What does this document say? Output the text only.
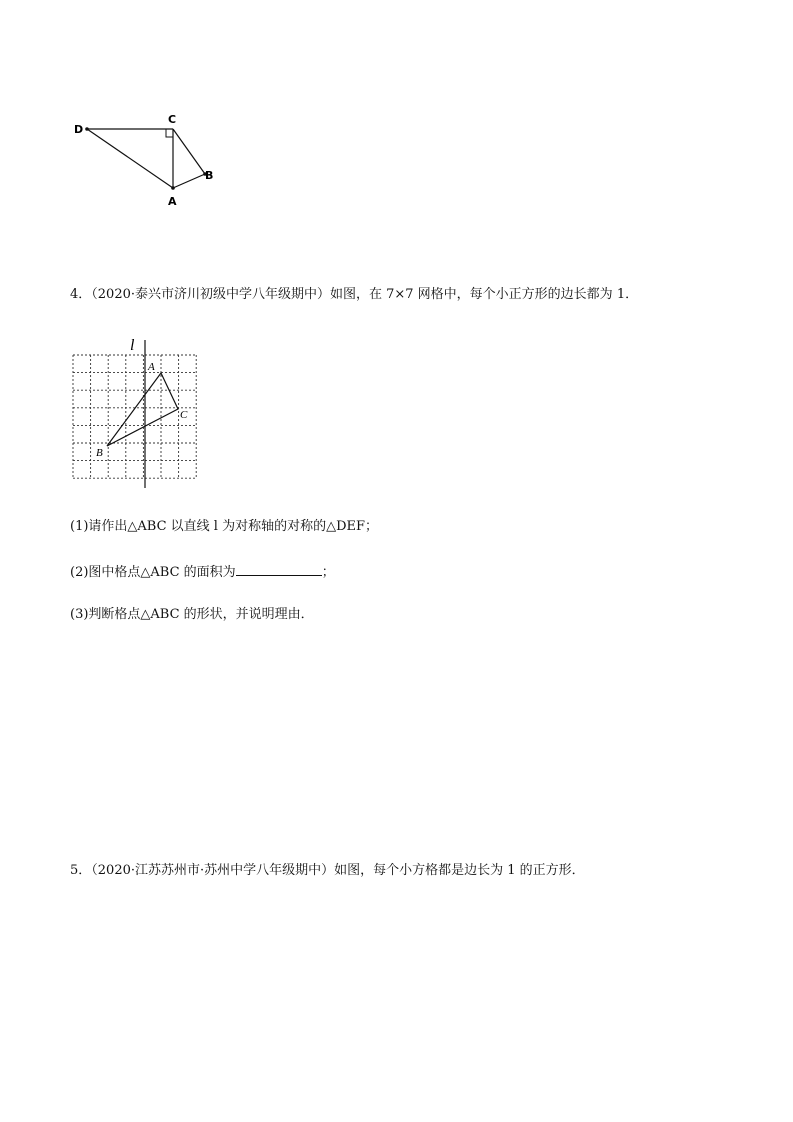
D
C
B
A
4．（2020·泰兴市济川初级中学八年级期中）如图，在 7×7 网格中，每个小正方形的边长都为 1．
l
A
B
C
(1)请作出△ABC 以直线 l 为对称轴的对称的△DEF；
(2)图中格点△ABC 的面积为	；
(3)判断格点△ABC 的形状，并说明理由．
5．（2020·江苏苏州市·苏州中学八年级期中）如图，每个小方格都是边长为 1 的正方形．
